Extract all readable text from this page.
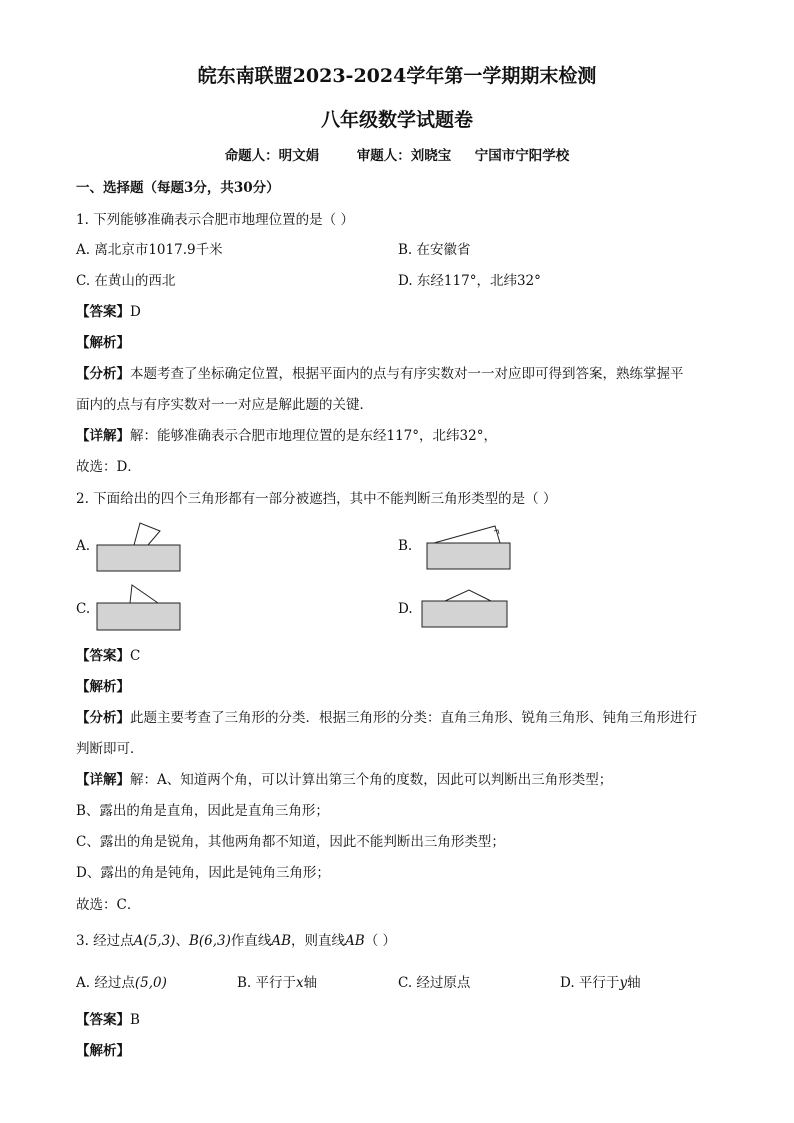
皖东南联盟2023-2024学年第一学期期末检测
八年级数学试题卷
命题人：明文娟        审题人：刘晓宝     宁国市宁阳学校
一、选择题（每题3分，共30分）
1. 下列能够准确表示合肥市地理位置的是（ ）
A. 离北京市1017.9千米	B. 在安徽省
C. 在黄山的西北	D. 东经117°，北纬32°
【答案】D
【解析】
【分析】本题考查了坐标确定位置，根据平面内的点与有序实数对一一对应即可得到答案，熟练掌握平
面内的点与有序实数对一一对应是解此题的关键．
【详解】解：能够准确表示合肥市地理位置的是东经117°，北纬32°，
故选：D．
2. 下面给出的四个三角形都有一部分被遮挡，其中不能判断三角形类型的是（ ）
A.	B.
C.	D.
【答案】C
【解析】
【分析】此题主要考查了三角形的分类．根据三角形的分类：直角三角形、锐角三角形、钝角三角形进行
判断即可．
【详解】解：A、知道两个角，可以计算出第三个角的度数，因此可以判断出三角形类型；
B、露出的角是直角，因此是直角三角形；
C、露出的角是锐角，其他两角都不知道，因此不能判断出三角形类型；
D、露出的角是钝角，因此是钝角三角形；
故选：C．
3. 经过点A(5,3)、B(6,3)作直线AB，则直线AB（ ）
A. 经过点(5,0)	B. 平行于x轴	C. 经过原点	D. 平行于y轴
【答案】B
【解析】
